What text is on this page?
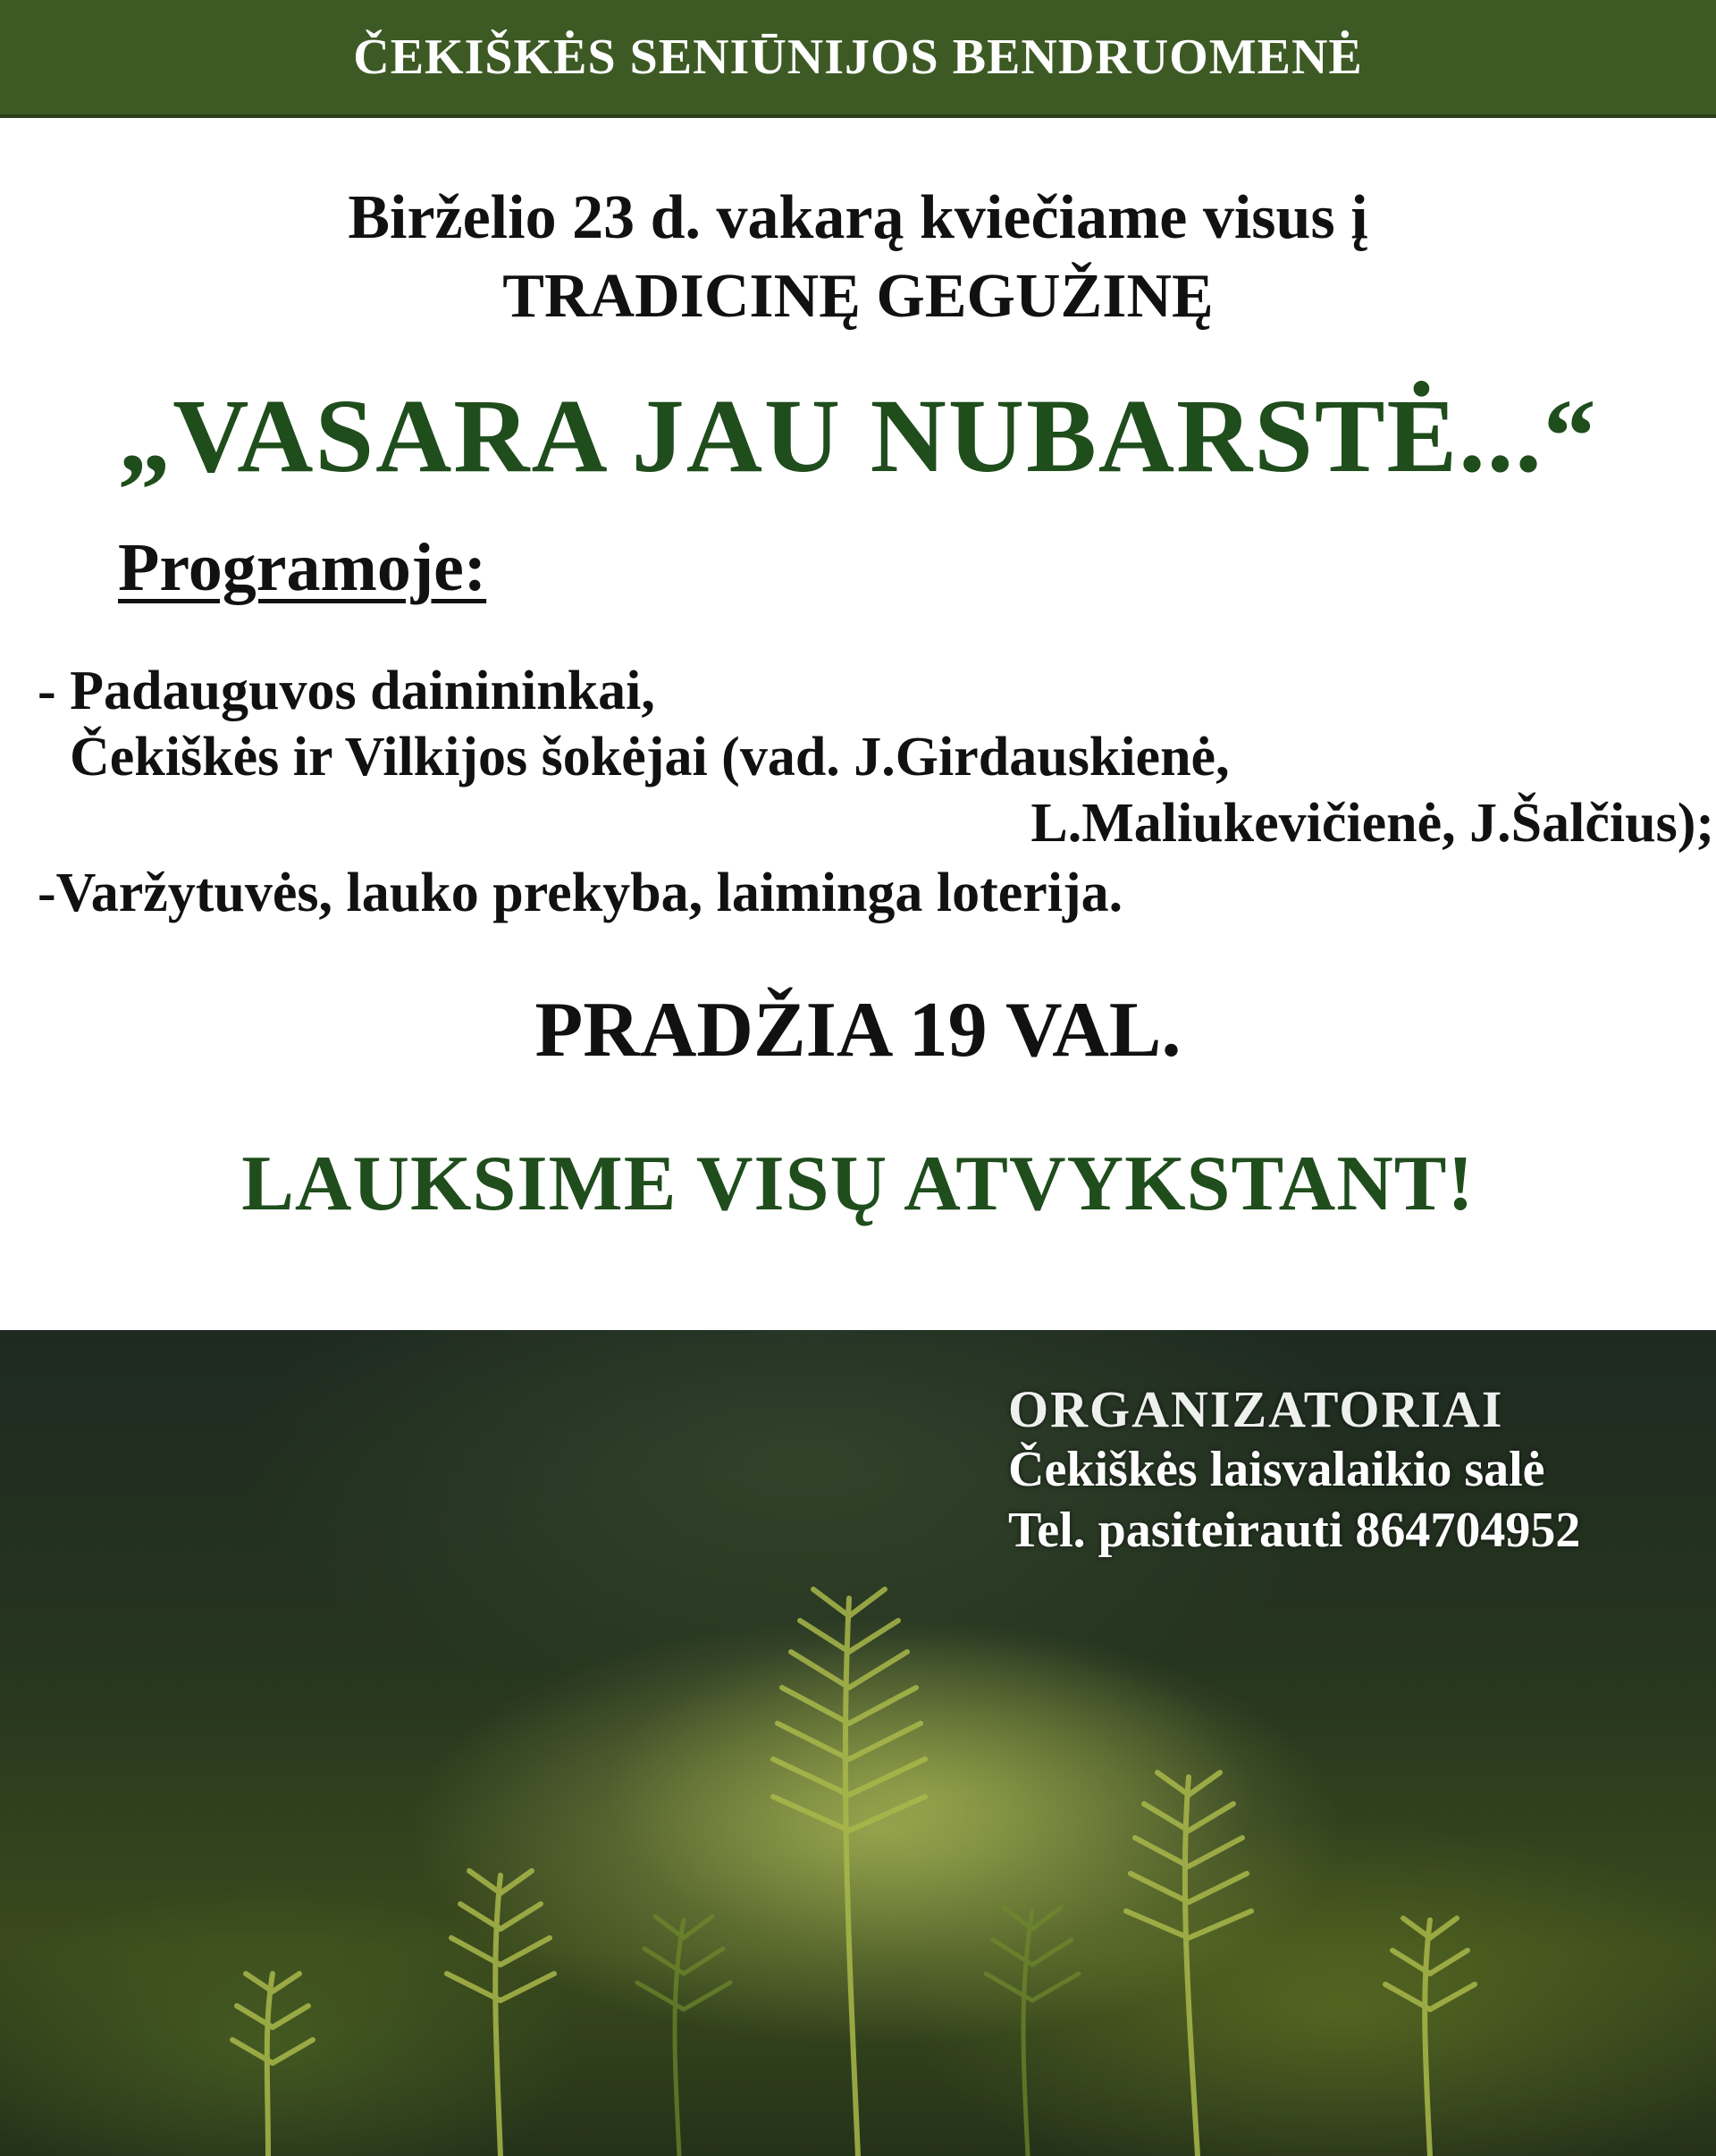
ČEKIŠKĖS SENIŪNIJOS BENDRUOMENĖ
Birželio 23 d. vakarą kviečiame visus į
TRADICINĘ GEGUŽINĘ
„VASARA JAU NUBARSTĖ...“
Programoje:
- Padauguvos dainininkai,
Čekiškės ir Vilkijos šokėjai (vad. J.Girdauskienė,
L.Maliukevičienė, J.Šalčius);
-Varžytuvės, lauko prekyba, laiminga loterija.
PRADŽIA 19 VAL.
LAUKSIME VISŲ ATVYKSTANT!
ORGANIZATORIAI
Čekiškės laisvalaikio salė
Tel. pasiteirauti 864704952
